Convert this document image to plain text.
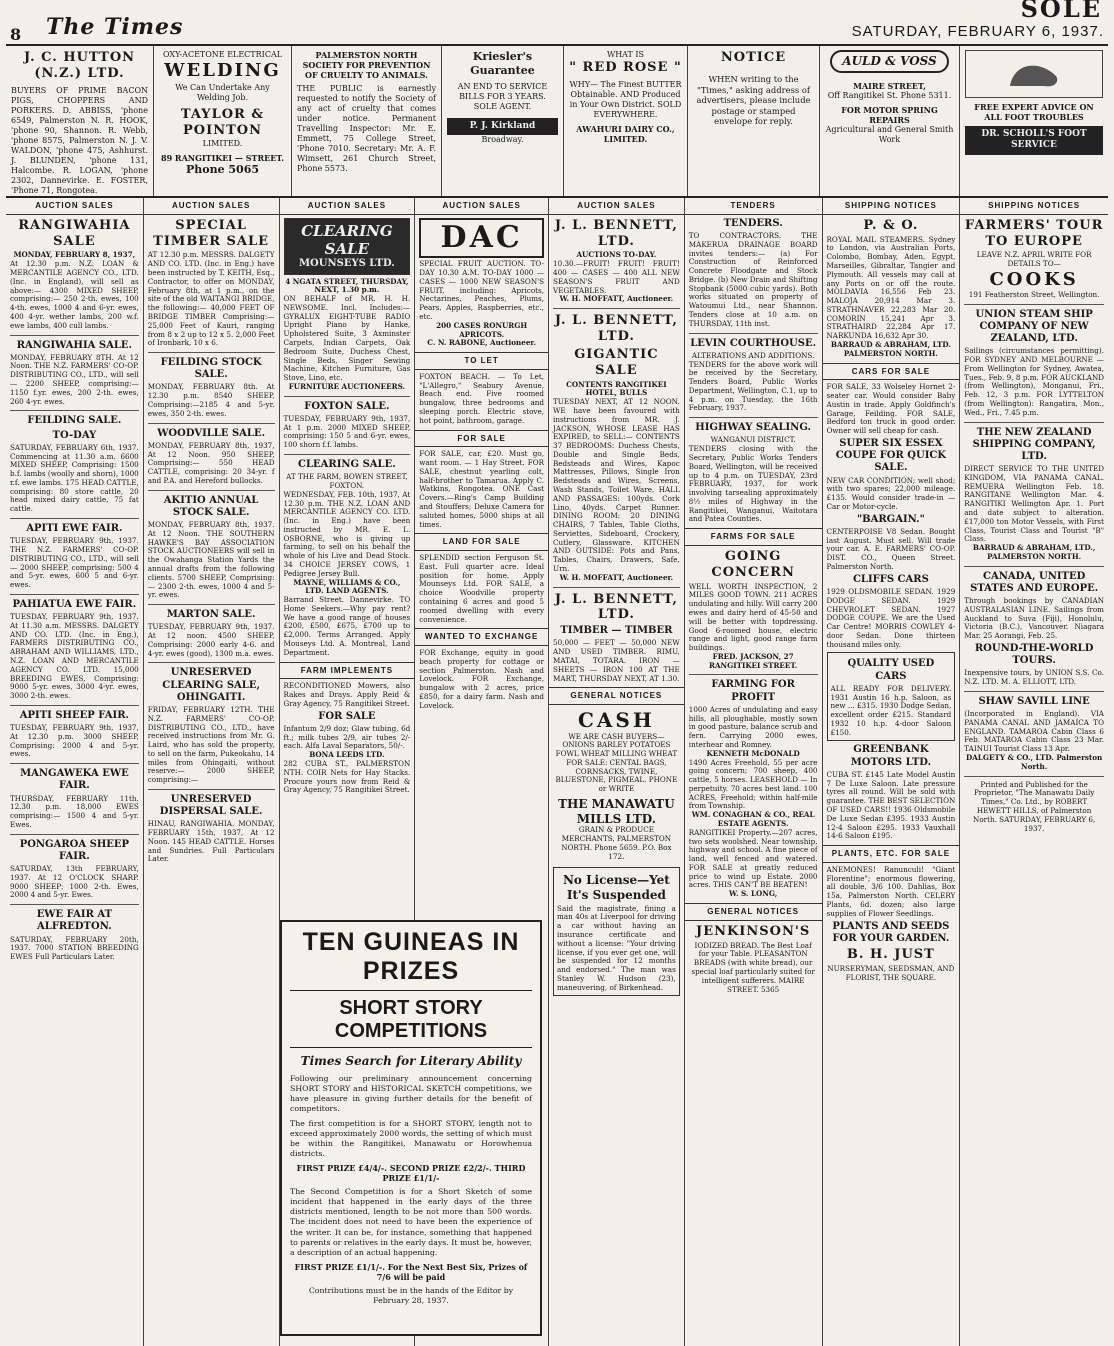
8 The Times	SATURDAY, FEBRUARY 6, 1937.
SOLE
J. C. HUTTON (N.Z.) LTD.
BUYERS OF PRIME BACON PIGS, CHOPPERS AND PORKERS. D. ABBISS, 'phone 6549, Palmerston N. R. HOOK, 'phone 90, Shannon. R. Webb, 'phone 8575, Palmerston N. J. V. WALDON, 'phone 475, Ashhurst. J. BLUNDEN, 'phone 131, Halcombe. R. LOGAN, 'phone 2302, Dannevirke. E. FOSTER, 'Phone 71, Rongotea.
OXY-ACETONE ELECTRICAL
WELDING
We Can Undertake Any Welding Job.
TAYLOR & POINTON
LIMITED.
89 RANGITIKEI — STREET.
Phone 5065
PALMERSTON NORTH SOCIETY FOR PREVENTION OF CRUELTY TO ANIMALS.
THE PUBLIC is earnestly requested to notify the Society of any act of cruelty that comes under notice. Permanent Travelling Inspector: Mr. E. Emmett, 75 College Street, 'Phone 7010. Secretary: Mr. A. F. Wimsett, 261 Church Street, Phone 5573.
Kriesler's Guarantee
AN END TO SERVICE BILLS FOR 3 YEARS. SOLE AGENT.
P. J. Kirkland
Broadway.
WHAT IS
" RED ROSE "
WHY— The Finest BUTTER Obtainable. AND Produced in Your Own District. SOLD EVERYWHERE.
AWAHURI DAIRY CO., LIMITED.
NOTICE
WHEN writing to the "Times," asking address of advertisers, please include postage or stamped envelope for reply.
AULD & VOSS
MAIRE STREET,
Off Rangitikei St. Phone 5311.
FOR MOTOR SPRING REPAIRS
Agricultural and General Smith Work
FREE EXPERT ADVICE ON ALL FOOT TROUBLES
DR. SCHOLL'S FOOT SERVICE
AUCTION SALES
RANGIWAHIA SALE
MONDAY, FEBRUARY 8, 1937,
At 12.30 p.m. N.Z. LOAN & MERCANTILE AGENCY CO., LTD. (Inc. in England), will sell as above:— 4300 MIXED SHEEP, comprising:— 250 2-th. ewes, 100 4-th. ewes, 1000 4 and 6-yr. ewes, 400 4-yr. wether lambs, 200 w.f. ewe lambs, 400 cull lambs.
RANGIWAHIA SALE.
MONDAY, FEBRUARY 8TH. At 12 Noon. THE N.Z. FARMERS' CO-OP. DISTRIBUTING CO., LTD., will sell— 2200 SHEEP, comprising:— 1150 f.yr. ewes, 200 2-th. ewes, 260 4-yr. ewes.
FEILDING SALE.
TO-DAY
SATURDAY, FEBRUARY 6th, 1937. Commencing at 11.30 a.m. 6600 MIXED SHEEP, Comprising: 1500 b.f. lambs (woolly and shorn), 1000 r.f. ewe lambs. 175 HEAD CATTLE, comprising: 80 store cattle, 20 head mixed dairy cattle, 75 fat cattle.
APITI EWE FAIR.
TUESDAY, FEBRUARY 9th, 1937. THE N.Z. FARMERS' CO-OP. DISTRIBUTING CO., LTD., will sell— 2000 SHEEP, comprising: 500 4 and 5-yr. ewes, 600 5 and 6-yr. ewes.
PAHIATUA EWE FAIR.
TUESDAY, FEBRUARY 9th, 1937. At 11.30 a.m. MESSRS. DALGETY AND CO. LTD. (Inc. in Eng.), FARMERS DISTRIBUTING CO., ABRAHAM AND WILLIAMS, LTD., N.Z. LOAN AND MERCANTILE AGENCY CO. LTD. 15,000 BREEDING EWES, Comprising: 9000 5-yr. ewes, 3000 4-yr. ewes, 3000 2-th. ewes.
APITI SHEEP FAIR.
TUESDAY, FEBRUARY 9th, 1937, At 12.30 p.m. 3000 SHEEP, Comprising: 2000 4 and 5-yr. ewes.
MANGAWEKA EWE FAIR.
THURSDAY, FEBRUARY 11th. 12.30 p.m. 18,000 EWES comprising:— 1500 4 and 5-yr. Ewes.
PONGAROA SHEEP FAIR.
SATURDAY, 13th FEBRUARY, 1937. At 12 O'CLOCK SHARP. 9000 SHEEP: 1000 2-th. Ewes, 2000 4 and 5-yr. Ewes.
EWE FAIR AT ALFREDTON.
SATURDAY, FEBRUARY 20th, 1937. 7000 STATION BREEDING EWES Full Particulars Later.
AUCTION SALES
SPECIAL TIMBER SALE
AT 12.30 p.m. MESSRS. DALGETY AND CO. LTD. (Inc. in Eng.) have been instructed by T. KEITH, Esq., Contractor, to offer on MONDAY, February 8th, at 1 p.m., on the site of the old WAITANGI BRIDGE, the following:— 40,000 FEET OF BRIDGE TIMBER Comprising:— 25,000 Feet of Kauri, ranging from 8 x 2 up to 12 x 5. 2,000 Feet of Ironbark, 10 x 6.
FEILDING STOCK SALE.
MONDAY, FEBRUARY 8th. At 12.30 p.m. 8540 SHEEP, Comprising:—2185 4 and 5-yr. ewes, 350 2-th. ewes.
WOODVILLE SALE.
MONDAY, FEBRUARY 8th, 1937, At 12 Noon. 950 SHEEP, Comprising:— 550 HEAD CATTLE, comprising: 20 34-yr. f and P.A. and Hereford bullocks.
AKITIO ANNUAL STOCK SALE.
MONDAY, FEBRUARY 8th, 1937. At 12 Noon. THE SOUTHERN HAWKE'S BAY ASSOCIATION STOCK AUCTIONEERS will sell in the Owahanga Station Yards the annual drafts from the following clients. 5700 SHEEP, Comprising:— 2300 2-th. ewes, 1000 4 and 5-yr. ewes.
MARTON SALE.
TUESDAY, FEBRUARY 9th, 1937. At 12 noon. 4500 SHEEP, Comprising: 2000 early 4-6. and 4-yr. ewes (good), 1300 m.a. ewes.
UNRESERVED CLEARING SALE, OHINGAITI.
FRIDAY, FEBRUARY 12TH. THE N.Z. FARMERS' CO-OP. DISTRIBUTING CO., LTD., have received instructions from Mr. G. Laird, who has sold the property, to sell on the farm, Pukeokahu, 14 miles from Ohingaiti, without reserve:— 2000 SHEEP, comprising:—
UNRESERVED DISPERSAL SALE.
HINAU, RANGIWAHIA. MONDAY, FEBRUARY 15th, 1937, At 12 Noon. 145 HEAD CATTLE. Horses and Sundries. Full Particulars Later.
AUCTION SALES
CLEARING SALE
MOUNSEYS LTD.
4 NGATA STREET, THURSDAY, NEXT, 1.30 p.m.
ON BEHALF of MR. H. H. NEWSOME. Incl. Includes:— GYRALUX EIGHT-TUBE RADIO Upright Piano by Hanke, Upholstered Suite, 3 Axminster Carpets, Indian Carpets, Oak Bedroom Suite, Duchess Chest, Single Beds, Singer Sewing Machine, Kitchen Furniture, Gas Stove, Lino, etc.
FURNITURE AUCTIONEERS.
FOXTON SALE.
TUESDAY, FEBRUARY 9th, 1937, At 1 p.m. 2000 MIXED SHEEP, comprising: 150 5 and 6-yr. ewes, 100 shorn f.f. lambs.
CLEARING SALE.
AT THE FARM, BOWEN STREET, FOXTON.
WEDNESDAY, FEB. 10th, 1937, At 12.30 p.m. THE N.Z. LOAN AND MERCANTILE AGENCY CO. LTD. (Inc. in Eng.) have been instructed by MR. E. L. OSBORNE, who is giving up farming, to sell on his behalf the whole of his Live and Dead Stock. 34 CHOICE JERSEY COWS, 1 Pedigree Jersey Bull.
MAYNE, WILLIAMS & CO., LTD. LAND AGENTS.
Barrand Street. Dannevirke. TO Home Seekers.—Why pay rent? We have a good range of houses £200, £500, £675, £700 up to £2,000. Terms Arranged. Apply Mouseys Ltd. A. Montreal, Land Department.
FARM IMPLEMENTS
RECONDITIONED Mowers, also Rakes and Drays. Apply Reid & Gray Agency, 75 Rangitikei Street.
FOR SALE
Infantum 2/9 doz; Glaw tubing, 6d ft.; milk tubes 2/9, air tubes 2/- each. Alfa Laval Separators, 50/-.
BONA LEEDS LTD.
282 CUBA ST., PALMERSTON NTH. COIR Nets for Hay Stacks. Procure yours now from Reid & Gray Agency, 75 Rangitikei Street.
AUCTION SALES
DAC
SPECIAL FRUIT AUCTION. TO-DAY 10.30 A.M. TO-DAY 1000 — CASES — 1000 NEW SEASON'S FRUIT, including: Apricots, Nectarines, Peaches, Plums, Pears, Apples, Raspberries, etc., etc.
200 CASES RONURGH APRICOTS.
C. N. RABONE, Auctioneer.
TO LET
FOXTON BEACH. — To Let, "L'Allegro," Seabury Avenue, Beach end. Five roomed bungalow, three bedrooms and sleeping porch. Electric stove, hot point, bathroom, garage.
FOR SALE
FOR SALE, car, £20. Must go, want room. — 1 Hay Street. FOR SALE, chestnut yearling colt, half-brother to Tamarua. Apply C. Watkins, Rongotea. ONE Cast Covers.—Ring's Camp Building and Stouffers; Deluxe Camera for saluted homes, 5000 ships at all times.
LAND FOR SALE
SPLENDID section Ferguson St. East. Full quarter acre. Ideal position for home. Apply Mounseys Ltd. FOR SALE, a choice Woodville property containing 6 acres and good 5 roomed dwelling with every convenience.
WANTED TO EXCHANGE
FOR Exchange, equity in good beach property for cottage or section Palmerston. Nash and Lovelock. FOR Exchange, bungalow with 2 acres, price £850, for a dairy farm. Nash and Lovelock.
AUCTION SALES
J. L. BENNETT, LTD.
AUCTIONS TO-DAY.
10.30.—FRUIT! FRUIT! FRUIT! 400 — CASES — 400 ALL NEW SEASON'S FRUIT AND VEGETABLES.
W. H. MOFFATT, Auctioneer.
J. L. BENNETT, LTD.
GIGANTIC SALE
CONTENTS RANGITIKEI HOTEL, BULLS
TUESDAY NEXT, AT 12 NOON. WE have been favoured with instructions from MR. J. JACKSON, WHOSE LEASE HAS EXPIRED, to SELL:— CONTENTS 37 BEDROOMS: Duchess Chests, Double and Single Beds, Bedsteads and Wires, Kapoc Mattresses, Pillows, Single Iron Bedsteads and Wires, Screens, Wash Stands, Toilet Ware. HALL AND PASSAGES: 100yds. Cork Lino, 40yds. Carpet Runner. DINING ROOM: 20 DINING CHAIRS, 7 Tables, Table Cloths, Serviettes, Sideboard, Crockery, Cutlery, Glassware. KITCHEN AND OUTSIDE: Pots and Pans, Tables, Chairs, Drawers, Safe, Urn.
W. H. MOFFATT, Auctioneer.
J. L. BENNETT, LTD.
TIMBER — TIMBER
50,000 — FEET — 50,000 NEW AND USED TIMBER. RIMU, MATAI, TOTARA. IRON — SHEETS — IRON 100 AT THE MART, THURSDAY NEXT, AT 1.30.
GENERAL NOTICES
CASH
WE ARE CASH BUYERS— ONIONS BARLEY POTATOES FOWL WHEAT MILLING WHEAT FOR SALE: CENTAL BAGS, CORNSACKS, TWINE, BLUESTONE, PIGMEAL. PHONE or WRITE
THE MANAWATU MILLS LTD.
GRAIN & PRODUCE MERCHANTS, PALMERSTON NORTH. Phone 5659. P.O. Box 172.
No License—Yet It's Suspended
Said the magistrate, fining a man 40s at Liverpool for driving a car without having an insurance certificate and without a license: "Your driving license, if you ever get one, will be suspended for 12 months and endorsed." The man was Stanley W. Hudson (23), maneuvering, of Birkenhead.
TENDERS
TENDERS.
TO CONTRACTORS. THE MAKERUA DRAINAGE BOARD invites tenders:— (a) For Construction of Reinforced Concrete Floodgate and Stock Bridge. (b) New Drain and Shifting Stopbank (5000 cubic yards). Both works situated on property of Watoumui Ltd., near Shannon. Tenders close at 10 a.m. on THURSDAY, 11th inst.
LEVIN COURTHOUSE.
ALTERATIONS AND ADDITIONS.
TENDERS for the above work will be received by the Secretary, Tenders Board, Public Works Department, Wellington, C.1, up to 4 p.m. on Tuesday, the 16th February, 1937.
HIGHWAY SEALING.
WANGANUI DISTRICT.
TENDERS closing with the Secretary, Public Works Tenders Board, Wellington, will be received up to 4 p.m. on TUESDAY, 23rd FEBRUARY, 1937, for work involving tarsealing approximately 8½ miles of Highway in the Rangitikei, Wanganui, Waitotara and Patea Counties.
FARMS FOR SALE
GOING CONCERN
WELL WORTH INSPECTION, 2 MILES GOOD TOWN. 211 ACRES undulating and hilly. Will carry 200 ewes and dairy herd of 45-50 and will be better with topdressing. Good 6-roomed house, electric range and light, good range farm buildings.
FRED. JACKSON, 27 RANGITIKEI STREET.
FARMING FOR PROFIT
1000 Acres of undulating and easy hills, all ploughable, mostly sown in good pasture, balance scrub and fern. Carrying 2000 ewes, interhear and Romney.
KENNETH McDONALD
1490 Acres Freehold, 55 per acre going concern; 700 sheep, 400 cattle, 5 horses. LEASEHOLD — In perpetuity. 70 acres best land. 100 ACRES, Freehold; within half-mile from Township.
WM. CONAGHAN & CO., REAL ESTATE AGENTS.
RANGITIKEI Property.—207 acres, two sets woolshed. Near township, highway and school. A fine piece of land, well fenced and watered. FOR SALE at greatly reduced price to wind up Estate. 2000 acres. THIS CAN'T BE BEATEN!
W. S. LONG,
GENERAL NOTICES
JENKINSON'S
IODIZED BREAD. The Best Loaf for your Table. PLEASANTON BREADS (with white bread), our special loaf particularly suited for intelligent sufferers. MAIRE STREET. 5365
SHIPPING NOTICES
P. & O.
ROYAL MAIL STEAMERS. Sydney to London, via Australian Ports, Colombo, Bombay, Aden, Egypt, Marseilles, Gibraltar, Tangier and Plymouth. All vessels may call at any Ports on or off the route. MOLDAVIA 16,556 Feb 23. MALOJA 20,914 Mar 3. STRATHNAVER 22,283 Mar 20. COMORIN 15,241 Apr 3. STRATHAIRD 22,284 Apr 17. NARKUNDA 16,632 Apr 30.
BARRAUD & ABRAHAM, LTD. PALMERSTON NORTH.
CARS FOR SALE
FOR SALE, 33 Wolseley Hornet 2-seater car. Would consider Baby Austin in trade. Apply Goldfinch's Garage, Feilding. FOR SALE, Bedford ton truck in good order. Owner will sell cheap for cash.
SUPER SIX ESSEX COUPE FOR QUICK SALE.
NEW CAR CONDITION; well shod; with two spares; 22,000 mileage. £135. Would consider trade-in — Car or Motor-cycle.
"BARGAIN."
CENTERPOISE V8 Sedan. Bought last August. Must sell. Will trade your car. A. E. FARMERS' CO-OP. DIST. CO., Queen Street. Palmerston North.
CLIFFS CARS
1929 OLDSMOBILE SEDAN. 1929 DODGE SEDAN. 1929 CHEVROLET SEDAN. 1927 DODGE COUPE. We are the Used Car Centre! MORRIS COWLEY 4-door Sedan. Done thirteen thousand miles only.
QUALITY USED CARS
ALL READY FOR DELIVERY. 1931 Austin 16 h.p. Saloon, as new ... £315. 1930 Dodge Sedan, excellent order £215. Standard 1932 10 h.p. 4-door Saloon £150.
GREENBANK MOTORS LTD.
CUBA ST. £145 Late Model Austin 7 De Luxe Saloon. Late pressure tyres all round. Will be sold with guarantee. THE BEST SELECTION OF USED CARS!! 1936 Oldsmobile De Luxe Sedan £395. 1933 Austin 12-4 Saloon £295. 1933 Vauxhall 14-6 Saloon £195.
PLANTS, ETC. FOR SALE
ANEMONES! Ranunculi! "Giant Florentine"; enormous flowering, all double, 3/6 100. Dahlias, Box 15a, Palmerston North. CELERY Plants, 6d. dozen; also large supplies of Flower Seedlings.
PLANTS AND SEEDS FOR YOUR GARDEN.
B. H. JUST
NURSERYMAN, SEEDSMAN, AND FLORIST, THE SQUARE.
SHIPPING NOTICES
FARMERS' TOUR TO EUROPE
LEAVE N.Z. APRIL WRITE FOR DETAILS TO—
COOKS
191 Featherston Street, Wellington.
UNION STEAM SHIP COMPANY OF NEW ZEALAND, LTD.
Sailings (circumstances permitting). FOR SYDNEY AND MELBOURNE — From Wellington for Sydney, Awatea, Tues., Feb. 9, 8 p.m. FOR AUCKLAND (from Wellington), Monganui, Fri., Feb. 12, 3 p.m. FOR LYTTELTON (from Wellington): Rangatira, Mon., Wed., Fri., 7.45 p.m.
THE NEW ZEALAND SHIPPING COMPANY, LTD.
DIRECT SERVICE TO THE UNITED KINGDOM, VIA PANAMA CANAL. REMUERA Wellington Feb. 18. RANGITANE Wellington Mar. 4. RANGITIKI Wellington Apr. 1. Port and date subject to alteration. £17,000 ton Motor Vessels, with First Class, Tourist Class and Tourist "B" Class.
BARRAUD & ABRAHAM, LTD., PALMERSTON NORTH.
CANADA, UNITED STATES AND EUROPE.
Through bookings by CANADIAN AUSTRALASIAN LINE. Sailings from Auckland to Suva (Fiji), Honolulu, Victoria (B.C.), Vancouver. Niagara Mar. 25 Aorangi, Feb. 25.
ROUND-THE-WORLD TOURS.
Inexpensive tours, by UNION S.S. Co. N.Z. LTD. M. A. ELLIOTT, LTD.
SHAW SAVILL LINE
(Incorporated in England). VIA PANAMA CANAL AND JAMAICA TO ENGLAND. TAMAROA Cabin Class 6 Feb. MATAROA Cabin Class 23 Mar. TAINUI Tourist Class 13 Apr.
DALGETY & CO., LTD. Palmerston North.
Printed and Published for the Proprietor, "The Manawatu Daily Times," Co. Ltd., by ROBERT HEWETT HILLS, of Palmerston North. SATURDAY, FEBRUARY 6, 1937.
TEN GUINEAS IN PRIZES
SHORT STORY COMPETITIONS
Times Search for Literary Ability
Following our preliminary announcement concerning SHORT STORY and HISTORICAL SKETCH competitions, we have pleasure in giving further details for the benefit of competitors.
The first competition is for a SHORT STORY, length not to exceed approximately 2000 words, the setting of which must be within the Rangitikei, Manawatu or Horowhenua districts.
FIRST PRIZE £4/4/-. SECOND PRIZE £2/2/-. THIRD PRIZE £1/1/-
The Second Competition is for a Short Sketch of some incident that happened in the early days of the three districts mentioned, length to be not more than 500 words. The incident does not need to have been the experience of the writer. It can be, for instance, something that happened to parents or relatives in the early days. It must be, however, a description of an actual happening.
FIRST PRIZE £1/1/-. For the Next Best Six, Prizes of 7/6 will be paid
Contributions must be in the hands of the Editor by February 28, 1937.
